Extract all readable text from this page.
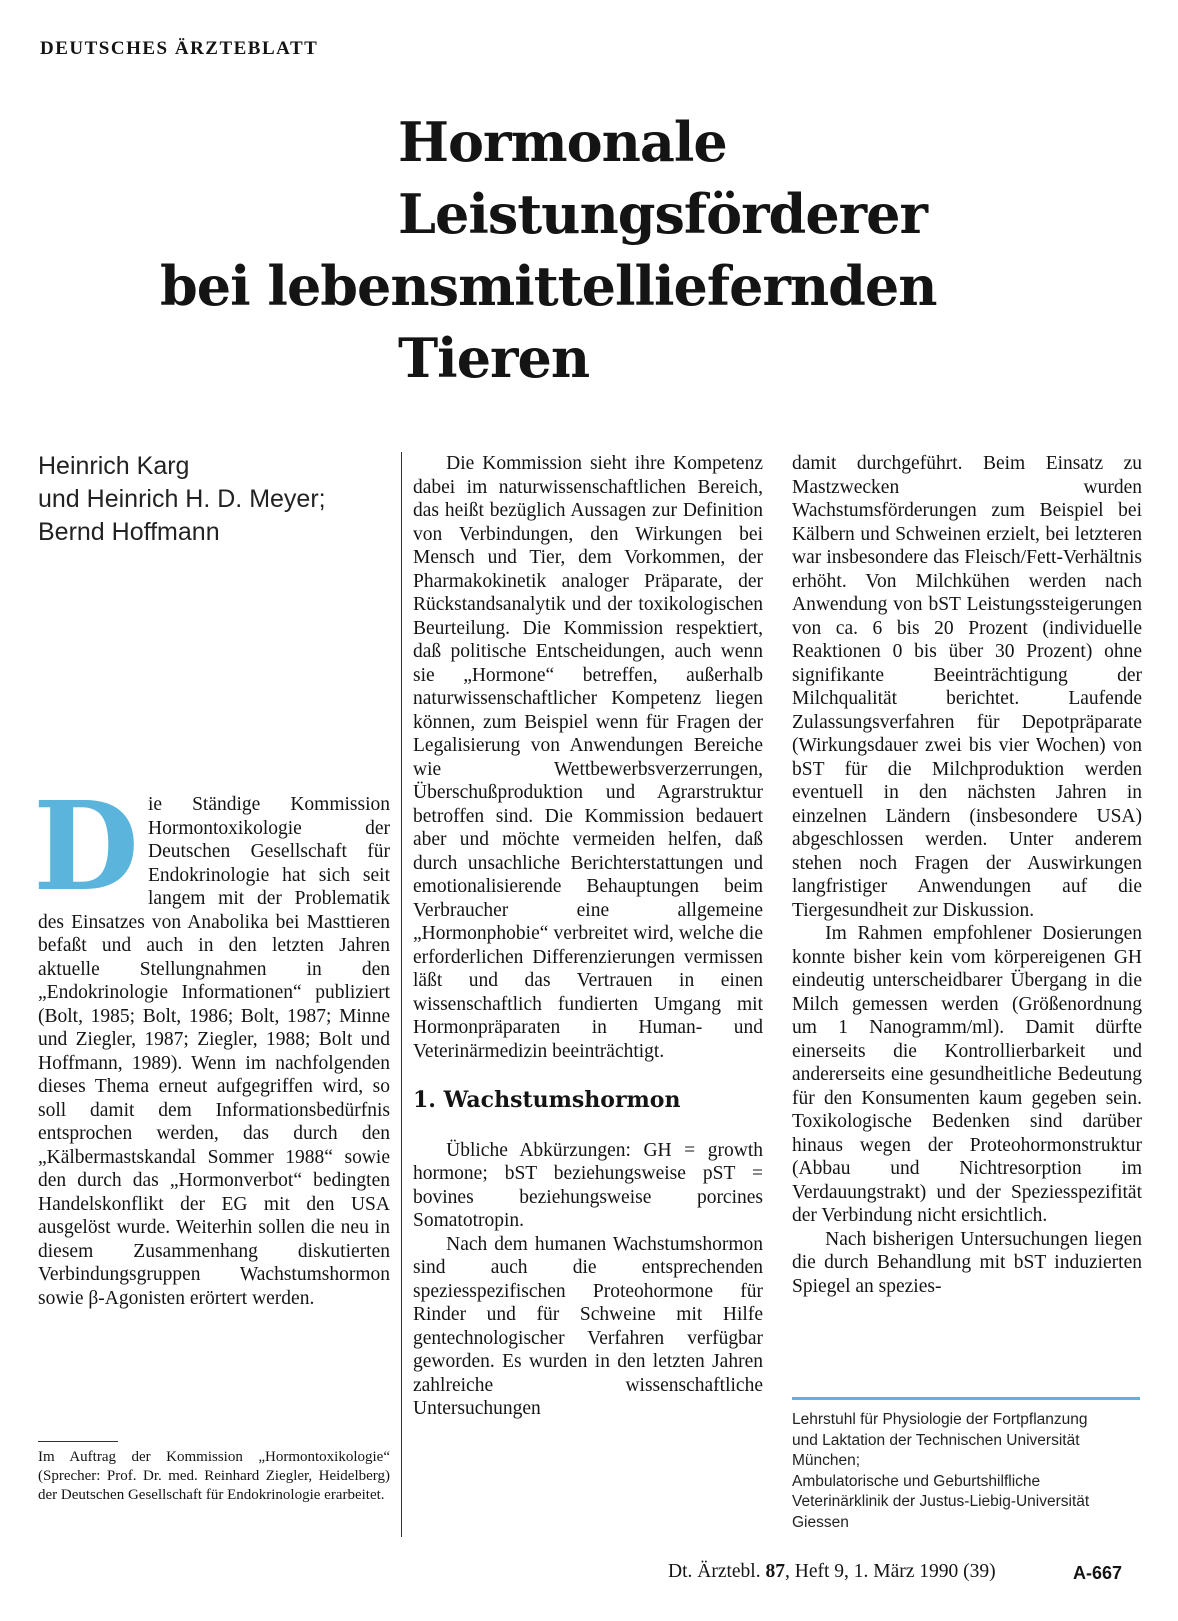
DEUTSCHES ÄRZTEBLATT
Hormonale
Leistungsförderer
bei lebensmittelliefernden
Tieren
Heinrich Karg
und Heinrich H. D. Meyer;
Bernd Hoffmann
D ie Ständige Kommission Hormontoxikologie der Deutschen Gesellschaft für Endokrinologie hat sich seit langem mit der Problematik des Einsatzes von Anabolika bei Masttieren befaßt und auch in den letzten Jahren aktuelle Stellungnahmen in den „Endokrinologie Informationen“ publiziert (Bolt, 1985; Bolt, 1986; Bolt, 1987; Minne und Ziegler, 1987; Ziegler, 1988; Bolt und Hoffmann, 1989). Wenn im nachfolgenden dieses Thema erneut aufgegriffen wird, so soll damit dem Informationsbedürfnis entsprochen werden, das durch den „Kälbermastskandal Sommer 1988“ sowie den durch das „Hormonverbot“ bedingten Handelskonflikt der EG mit den USA ausgelöst wurde. Weiterhin sollen die neu in diesem Zusammenhang diskutierten Verbindungsgruppen Wachstumshormon sowie β-Agonisten erörtert werden.

Im Auftrag der Kommission „Hormontoxikologie“ (Sprecher: Prof. Dr. med. Reinhard Ziegler, Heidelberg) der Deutschen Gesellschaft für Endokrinologie erarbeitet.

Die Kommission sieht ihre Kompetenz dabei im naturwissenschaftlichen Bereich, das heißt bezüglich Aussagen zur Definition von Verbindungen, den Wirkungen bei Mensch und Tier, dem Vorkommen, der Pharmakokinetik analoger Präparate, der Rückstandsanalytik und der toxikologischen Beurteilung. Die Kommission respektiert, daß politische Entscheidungen, auch wenn sie „Hormone“ betreffen, außerhalb naturwissenschaftlicher Kompetenz liegen können, zum Beispiel wenn für Fragen der Legalisierung von Anwendungen Bereiche wie Wettbewerbsverzerrungen, Überschußproduktion und Agrarstruktur betroffen sind. Die Kommission bedauert aber und möchte vermeiden helfen, daß durch unsachliche Berichterstattungen und emotionalisierende Behauptungen beim Verbraucher eine allgemeine „Hormonphobie“ verbreitet wird, welche die erforderlichen Differenzierungen vermissen läßt und das Vertrauen in einen wissenschaftlich fundierten Umgang mit Hormonpräparaten in Human- und Veterinärmedizin beeinträchtigt.

1. Wachstumshormon

Übliche Abkürzungen: GH = growth hormone; bST beziehungsweise pST = bovines beziehungsweise porcines Somatotropin.

Nach dem humanen Wachstumshormon sind auch die entsprechenden speziesspezifischen Proteohormone für Rinder und für Schweine mit Hilfe gentechnologischer Verfahren verfügbar geworden. Es wurden in den letzten Jahren zahlreiche wissenschaftliche Untersuchungen

damit durchgeführt. Beim Einsatz zu Mastzwecken wurden Wachstumsförderungen zum Beispiel bei Kälbern und Schweinen erzielt, bei letzteren war insbesondere das Fleisch/Fett-Verhältnis erhöht. Von Milchkühen werden nach Anwendung von bST Leistungssteigerungen von ca. 6 bis 20 Prozent (individuelle Reaktionen 0 bis über 30 Prozent) ohne signifikante Beeinträchtigung der Milchqualität berichtet. Laufende Zulassungsverfahren für Depotpräparate (Wirkungsdauer zwei bis vier Wochen) von bST für die Milchproduktion werden eventuell in den nächsten Jahren in einzelnen Ländern (insbesondere USA) abgeschlossen werden. Unter anderem stehen noch Fragen der Auswirkungen langfristiger Anwendungen auf die Tiergesundheit zur Diskussion.

Im Rahmen empfohlener Dosierungen konnte bisher kein vom körpereigenen GH eindeutig unterscheidbarer Übergang in die Milch gemessen werden (Größenordnung um 1 Nanogramm/ml). Damit dürfte einerseits die Kontrollierbarkeit und andererseits eine gesundheitliche Bedeutung für den Konsumenten kaum gegeben sein. Toxikologische Bedenken sind darüber hinaus wegen der Proteohormonstruktur (Abbau und Nichtresorption im Verdauungstrakt) und der Speziesspezifität der Verbindung nicht ersichtlich.

Nach bisherigen Untersuchungen liegen die durch Behandlung mit bST induzierten Spiegel an spezies-

Lehrstuhl für Physiologie der Fortpflanzung
und Laktation der Technischen Universität
München;
Ambulatorische und Geburtshilfliche
Veterinärklinik der Justus-Liebig-Universität
Giessen
Dt. Ärztebl. 87, Heft 9, 1. März 1990 (39)	A-667
